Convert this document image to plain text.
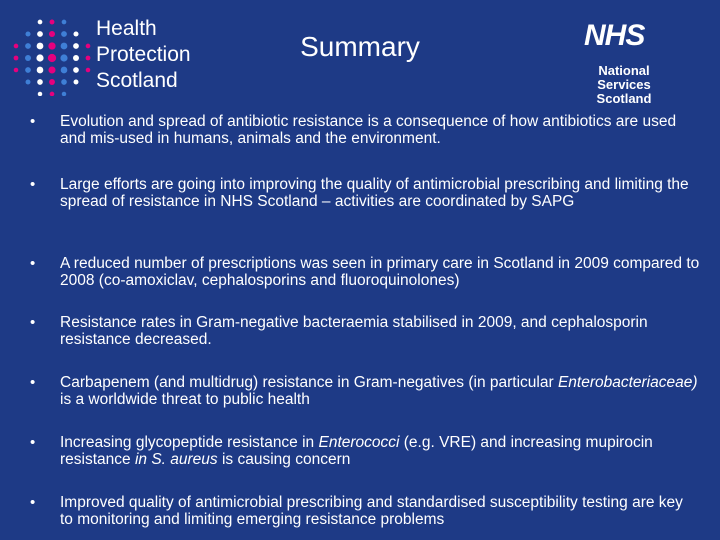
Health
Protection
Scotland
Summary	NHS
National
Services
Scotland
• Evolution and spread of antibiotic resistance is a consequence of how antibiotics are used and mis-used in humans, animals and the environment.
• Large efforts are going into improving the quality of antimicrobial prescribing and limiting the spread of resistance in NHS Scotland – activities are coordinated by SAPG
• A reduced number of prescriptions was seen in primary care in Scotland in 2009 compared to 2008 (co-amoxiclav, cephalosporins and fluoroquinolones)
• Resistance rates in Gram-negative bacteraemia stabilised in 2009, and cephalosporin resistance decreased.
• Carbapenem (and multidrug) resistance in Gram-negatives (in particular Enterobacteriaceae) is a worldwide threat to public health
• Increasing glycopeptide resistance in Enterococci (e.g. VRE) and increasing mupirocin resistance in S. aureus is causing concern
• Improved quality of antimicrobial prescribing and standardised susceptibility testing are key to monitoring and limiting emerging resistance problems
